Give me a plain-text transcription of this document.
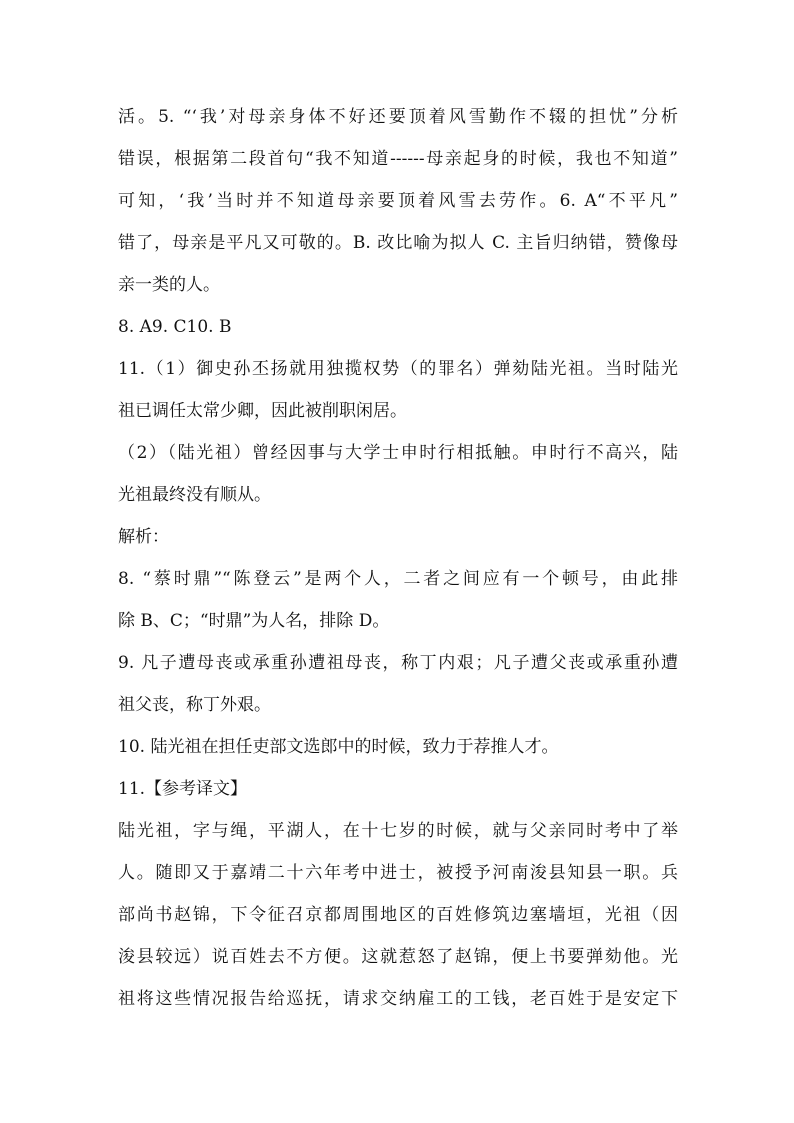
活。5. “‘我’对母亲身体不好还要顶着风雪勤作不辍的担忧”分析
错误，根据第二段首句“我不知道------母亲起身的时候，我也不知道”
可知，‘我’当时并不知道母亲要顶着风雪去劳作。6. A“不平凡”
错了，母亲是平凡又可敬的。B. 改比喻为拟人 C. 主旨归纳错，赞像母
亲一类的人。
8. A9. C10. B
11.（1）御史孙丕扬就用独揽权势（的罪名）弹劾陆光祖。当时陆光
祖已调任太常少卿，因此被削职闲居。
（2）（陆光祖）曾经因事与大学士申时行相抵触。申时行不高兴，陆
光祖最终没有顺从。
解析：
8. “蔡时鼎”“陈登云”是两个人，二者之间应有一个顿号，由此排
除 B、C；“时鼎”为人名，排除 D。
9. 凡子遭母丧或承重孙遭祖母丧，称丁内艰；凡子遭父丧或承重孙遭
祖父丧，称丁外艰。
10. 陆光祖在担任吏部文选郎中的时候，致力于荐推人才。
11.【参考译文】
陆光祖，字与绳，平湖人，在十七岁的时候，就与父亲同时考中了举
人。随即又于嘉靖二十六年考中进士，被授予河南浚县知县一职。兵
部尚书赵锦，下令征召京都周围地区的百姓修筑边塞墙垣，光祖（因
浚县较远）说百姓去不方便。这就惹怒了赵锦，便上书要弹劾他。光
祖将这些情况报告给巡抚，请求交纳雇工的工钱，老百姓于是安定下
